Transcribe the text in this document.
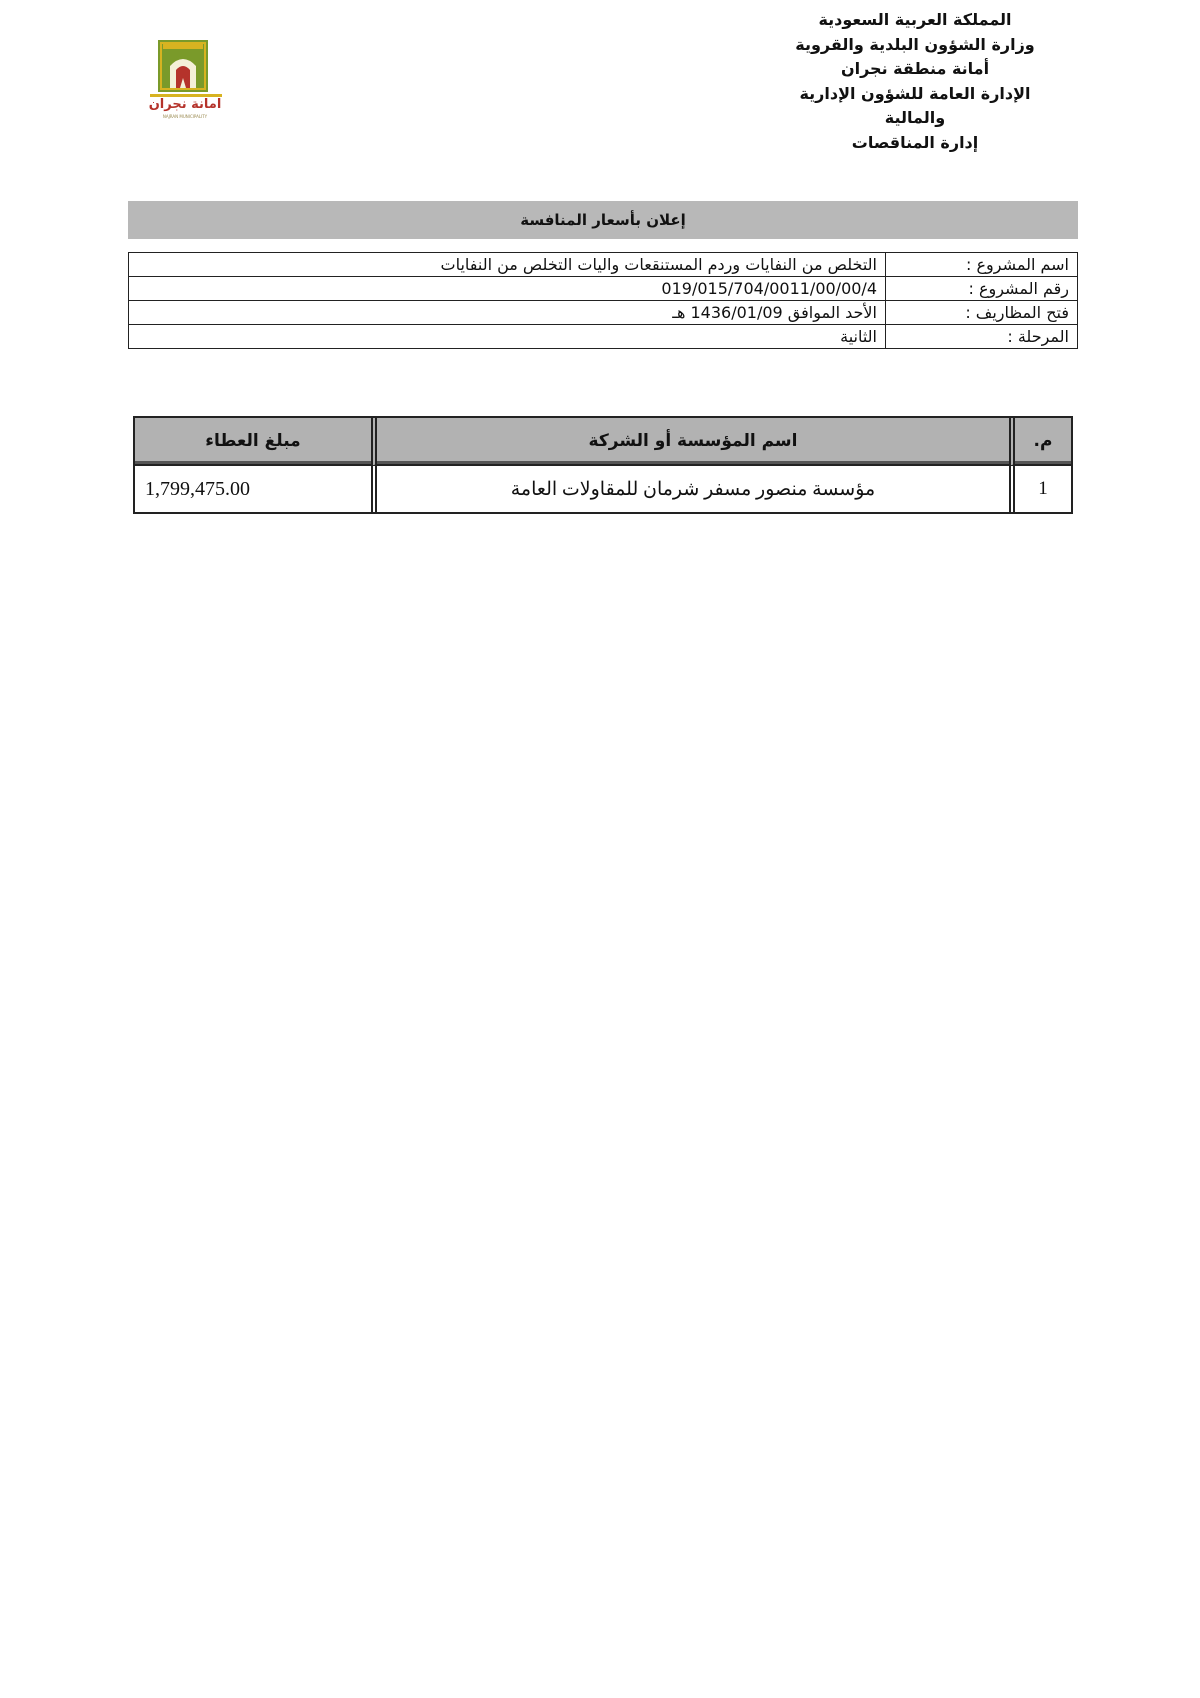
المملكة العربية السعودية
وزارة الشؤون البلدية والقروية
أمانة منطقة نجران
الإدارة العامة للشؤون الإدارية
والمالية
إدارة المناقصات
امانة نجران
NAJRAN MUNICIPALITY
إعلان بأسعار المنافسة
اسم المشروع :	التخلص من النفايات وردم المستنقعات واليات التخلص من النفايات
رقم المشروع :	019/015/704/0011/00/00/4
فتح المظاريف :	الأحد الموافق 1436/01/09 هـ
المرحلة :	الثانية
م.	اسم المؤسسة أو الشركة	مبلغ العطاء
1	مؤسسة منصور مسفر شرمان للمقاولات العامة	1,799,475.00
